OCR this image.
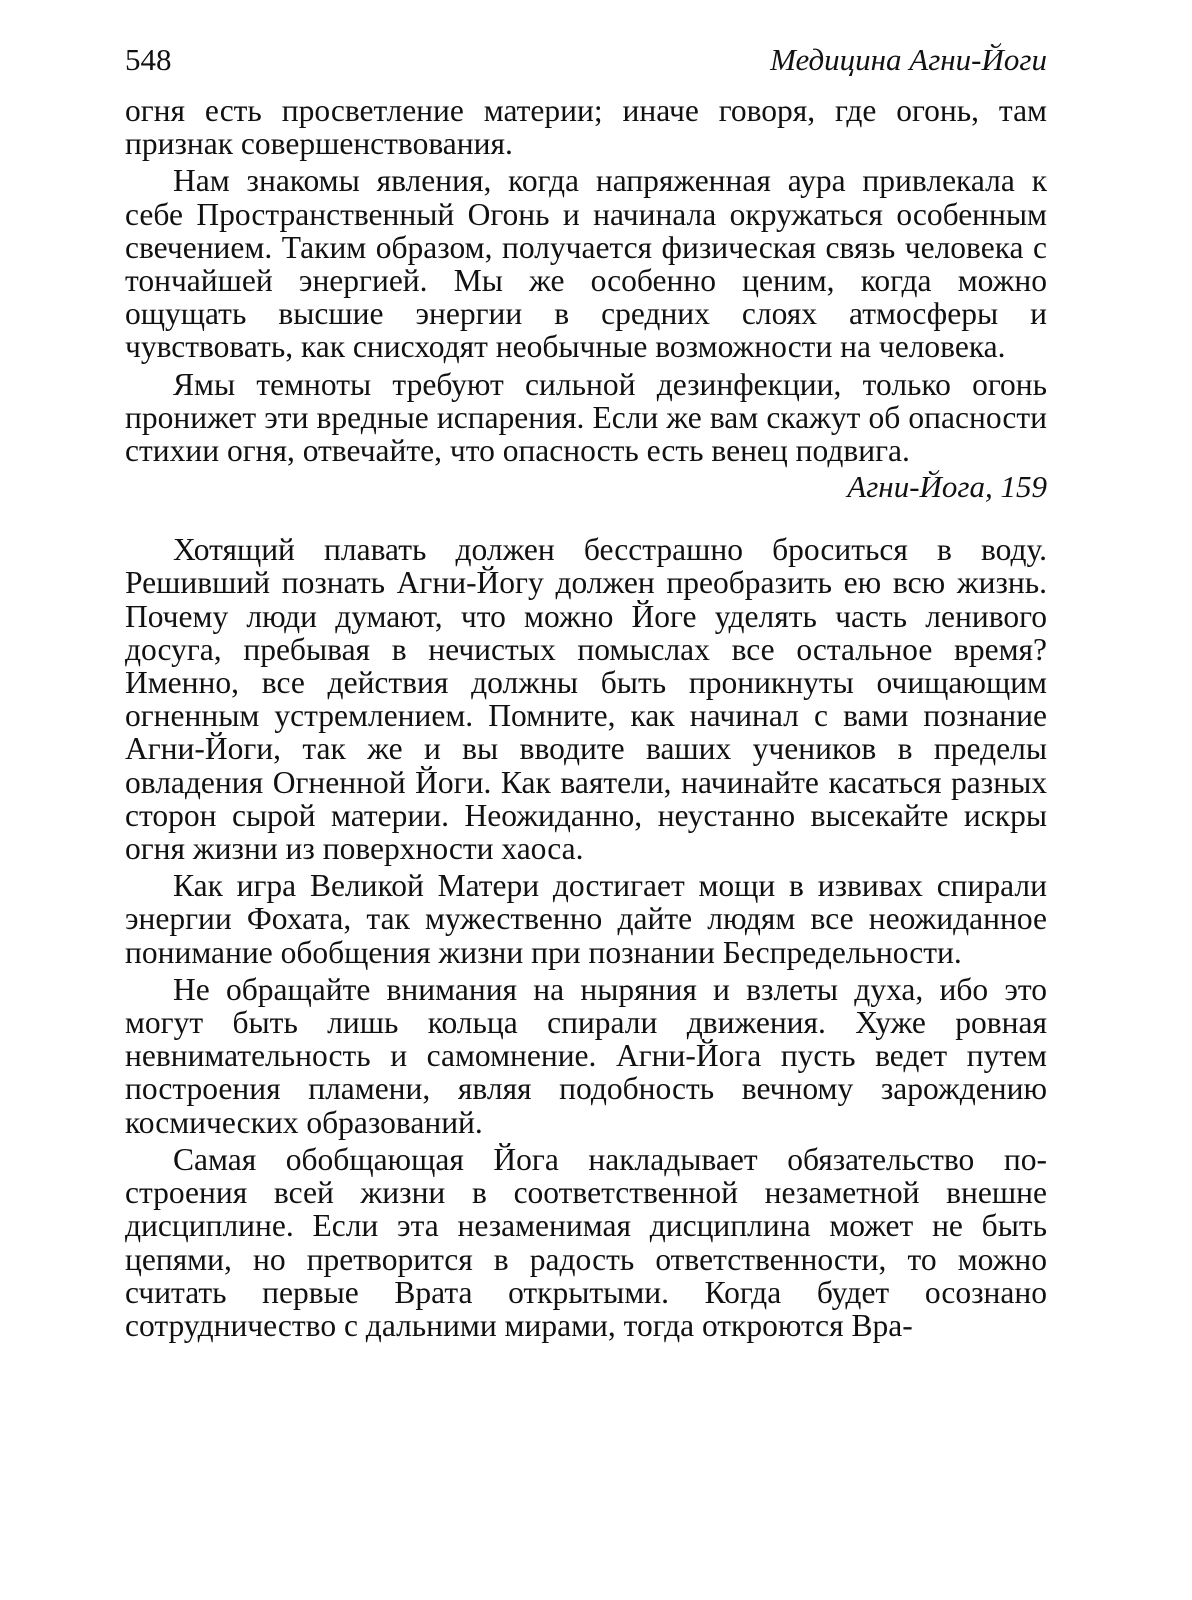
548	Медицина Агни-Йоги

огня есть просветление материи; иначе говоря, где огонь, там признак совершенствования.

Нам знакомы явления, когда напряженная аура привлекала к себе Пространственный Огонь и начинала окружаться особенным свечением. Таким образом, получается физическая связь человека с тончайшей энергией. Мы же особенно ценим, когда можно ощущать высшие энергии в средних слоях атмосферы и чувствовать, как снисходят необычные возможности на человека.

Ямы темноты требуют сильной дезинфекции, только огонь пронижет эти вредные испарения. Если же вам скажут об опасности стихии огня, отвечайте, что опасность есть венец подвига.

Агни-Йога, 159

Хотящий плавать должен бесстрашно броситься в воду. Решивший познать Агни-Йогу должен преобразить ею всю жизнь. Почему люди думают, что можно Йоге уделять часть ленивого досуга, пребывая в нечистых помыслах все остальное время? Именно, все действия должны быть проникнуты очищающим огненным устремлением. Помните, как начинал с вами познание Агни-Йоги, так же и вы вводите ваших учеников в пределы овладения Огненной Йоги. Как ваятели, начинайте касаться разных сторон сырой материи. Неожиданно, неустанно высекайте искры огня жизни из поверхности хаоса.

Как игра Великой Матери достигает мощи в извивах спирали энергии Фохата, так мужественно дайте людям все неожиданное понимание обобщения жизни при познании Беспредельности.

Не обращайте внимания на ныряния и взлеты духа, ибо это могут быть лишь кольца спирали движения. Хуже ровная невнимательность и самомнение. Агни-Йога пусть ведет путем построения пламени, являя подобность вечному зарождению космических образований.

Самая обобщающая Йога накладывает обязательство построения всей жизни в соответственной незаметной внешне дисциплине. Если эта незаменимая дисциплина может не быть цепями, но претворится в радость ответственности, то можно считать первые Врата открытыми. Когда будет осознано сотрудничество с дальними мирами, тогда откроются Вра-
